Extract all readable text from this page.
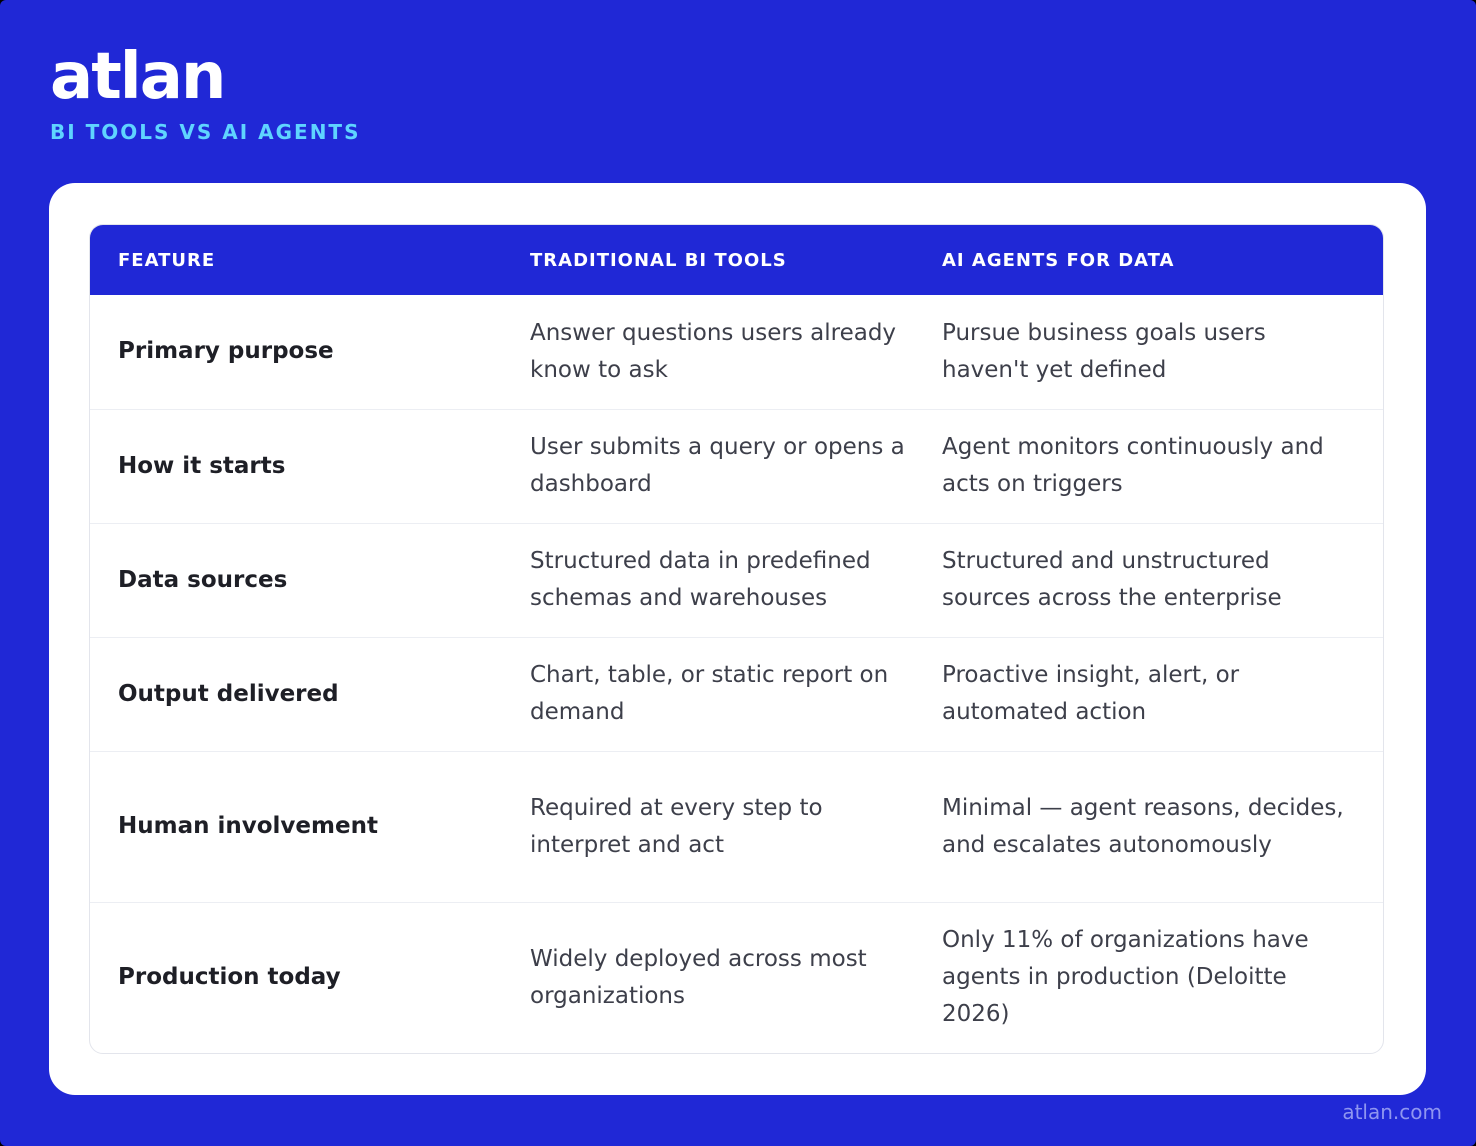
atlan
BI TOOLS VS AI AGENTS
FEATURE	TRADITIONAL BI TOOLS	AI AGENTS FOR DATA
Primary purpose	Answer questions users already know to ask	Pursue business goals users haven't yet defined
How it starts	User submits a query or opens a dashboard	Agent monitors continuously and acts on triggers
Data sources	Structured data in predefined schemas and warehouses	Structured and unstructured sources across the enterprise
Output delivered	Chart, table, or static report on demand	Proactive insight, alert, or automated action
Human involvement	Required at every step to interpret and act	Minimal — agent reasons, decides, and escalates autonomously
Production today	Widely deployed across most organizations	Only 11% of organizations have agents in production (Deloitte 2026)
atlan.com
